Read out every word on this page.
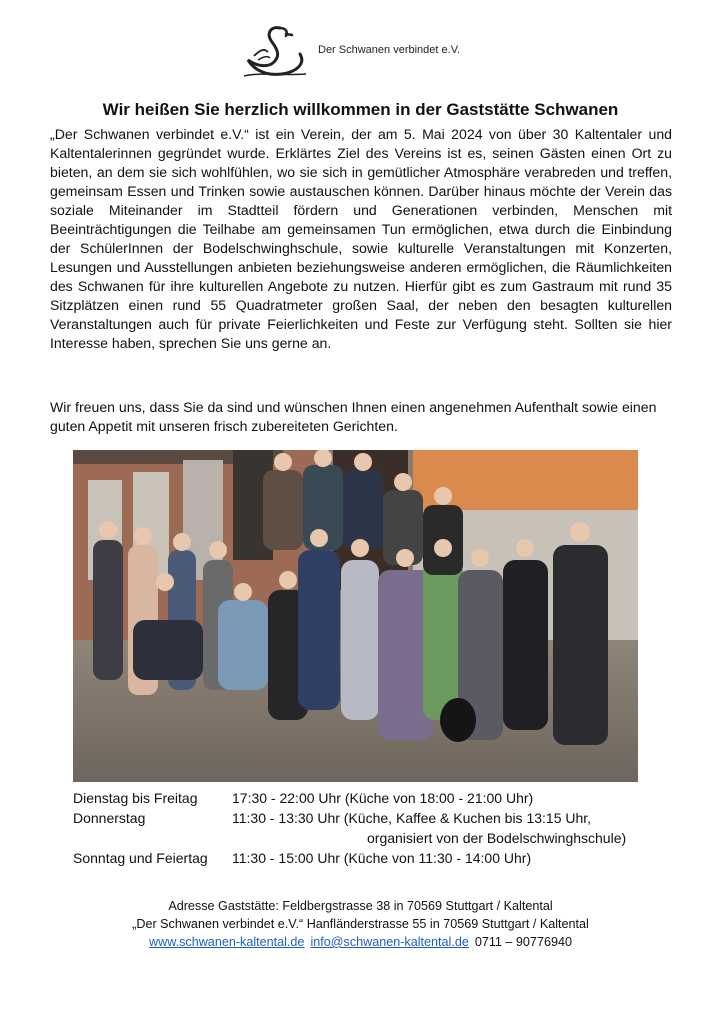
Der Schwanen verbindet e.V.
Wir heißen Sie herzlich willkommen in der Gaststätte Schwanen

„Der Schwanen verbindet e.V.“ ist ein Verein, der am 5. Mai 2024 von über 30 Kaltentaler und Kaltentalerinnen gegründet wurde. Erklärtes Ziel des Vereins ist es, seinen Gästen einen Ort zu bieten, an dem sie sich wohlfühlen, wo sie sich in gemütlicher Atmosphäre verabreden und treffen, gemeinsam Essen und Trinken sowie austauschen können. Darüber hinaus möchte der Verein das soziale Miteinander im Stadtteil fördern und Generationen verbinden, Menschen mit Beeinträchtigungen die Teilhabe am gemeinsamen Tun ermöglichen, etwa durch die Einbindung der SchülerInnen der Bodelschwinghschule, sowie kulturelle Veranstaltungen mit Konzerten, Lesungen und Ausstellungen anbieten beziehungsweise anderen ermöglichen, die Räumlichkeiten des Schwanen für ihre kulturellen Angebote zu nutzen. Hierfür gibt es zum Gastraum mit rund 35 Sitzplätzen einen rund 55 Quadratmeter großen Saal, der neben den besagten kulturellen Veranstaltungen auch für private Feierlichkeiten und Feste zur Verfügung steht. Sollten sie hier Interesse haben, sprechen Sie uns gerne an.

Wir freuen uns, dass Sie da sind und wünschen Ihnen einen angenehmen Aufenthalt sowie einen guten Appetit mit unseren frisch zubereiteten Gerichten.

Dienstag bis Freitag 17:30 - 22:00 Uhr (Küche von 18:00 - 21:00 Uhr)
Donnerstag	11:30 - 13:30 Uhr (Küche, Kaffee & Kuchen bis 13:15 Uhr,
organisiert von der Bodelschwinghschule)
Sonntag und Feiertag 11:30 - 15:00 Uhr (Küche von 11:30 - 14:00 Uhr)
Adresse Gaststätte: Feldbergstrasse 38 in 70569 Stuttgart / Kaltental
„Der Schwanen verbindet e.V.“ Hanfländerstrasse 55 in 70569 Stuttgart / Kaltental
www.schwanen-kaltental.de info@schwanen-kaltental.de 0711 – 90776940
